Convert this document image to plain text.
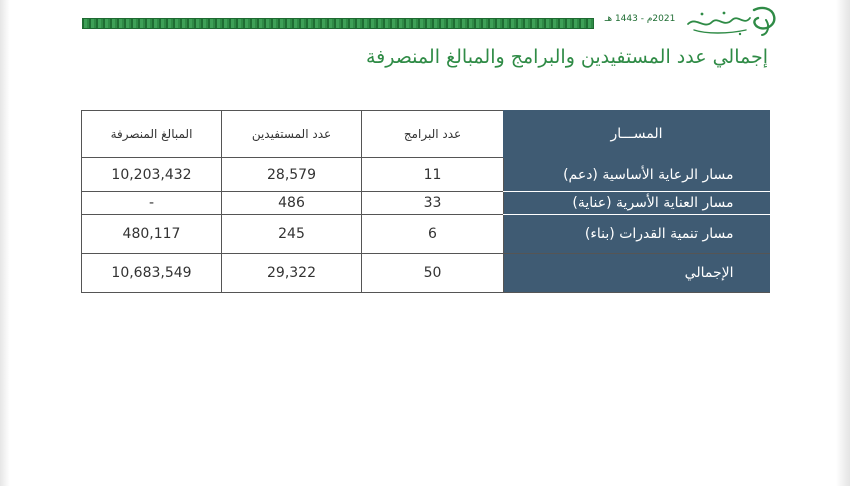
2021م - 1443 هـ
إجمالي عدد المستفيدين والبرامج والمبالغ المنصرفة
المســـار	عدد البرامج	عدد المستفيدين	المبالغ المنصرفة
مسار الرعاية الأساسية (دعم)	11	28,579	10,203,432
مسار العناية الأسرية (عناية)	33	486	-
مسار تنمية القدرات (بناء)	6	245	480,117
الإجمالي	50	29,322	10,683,549
